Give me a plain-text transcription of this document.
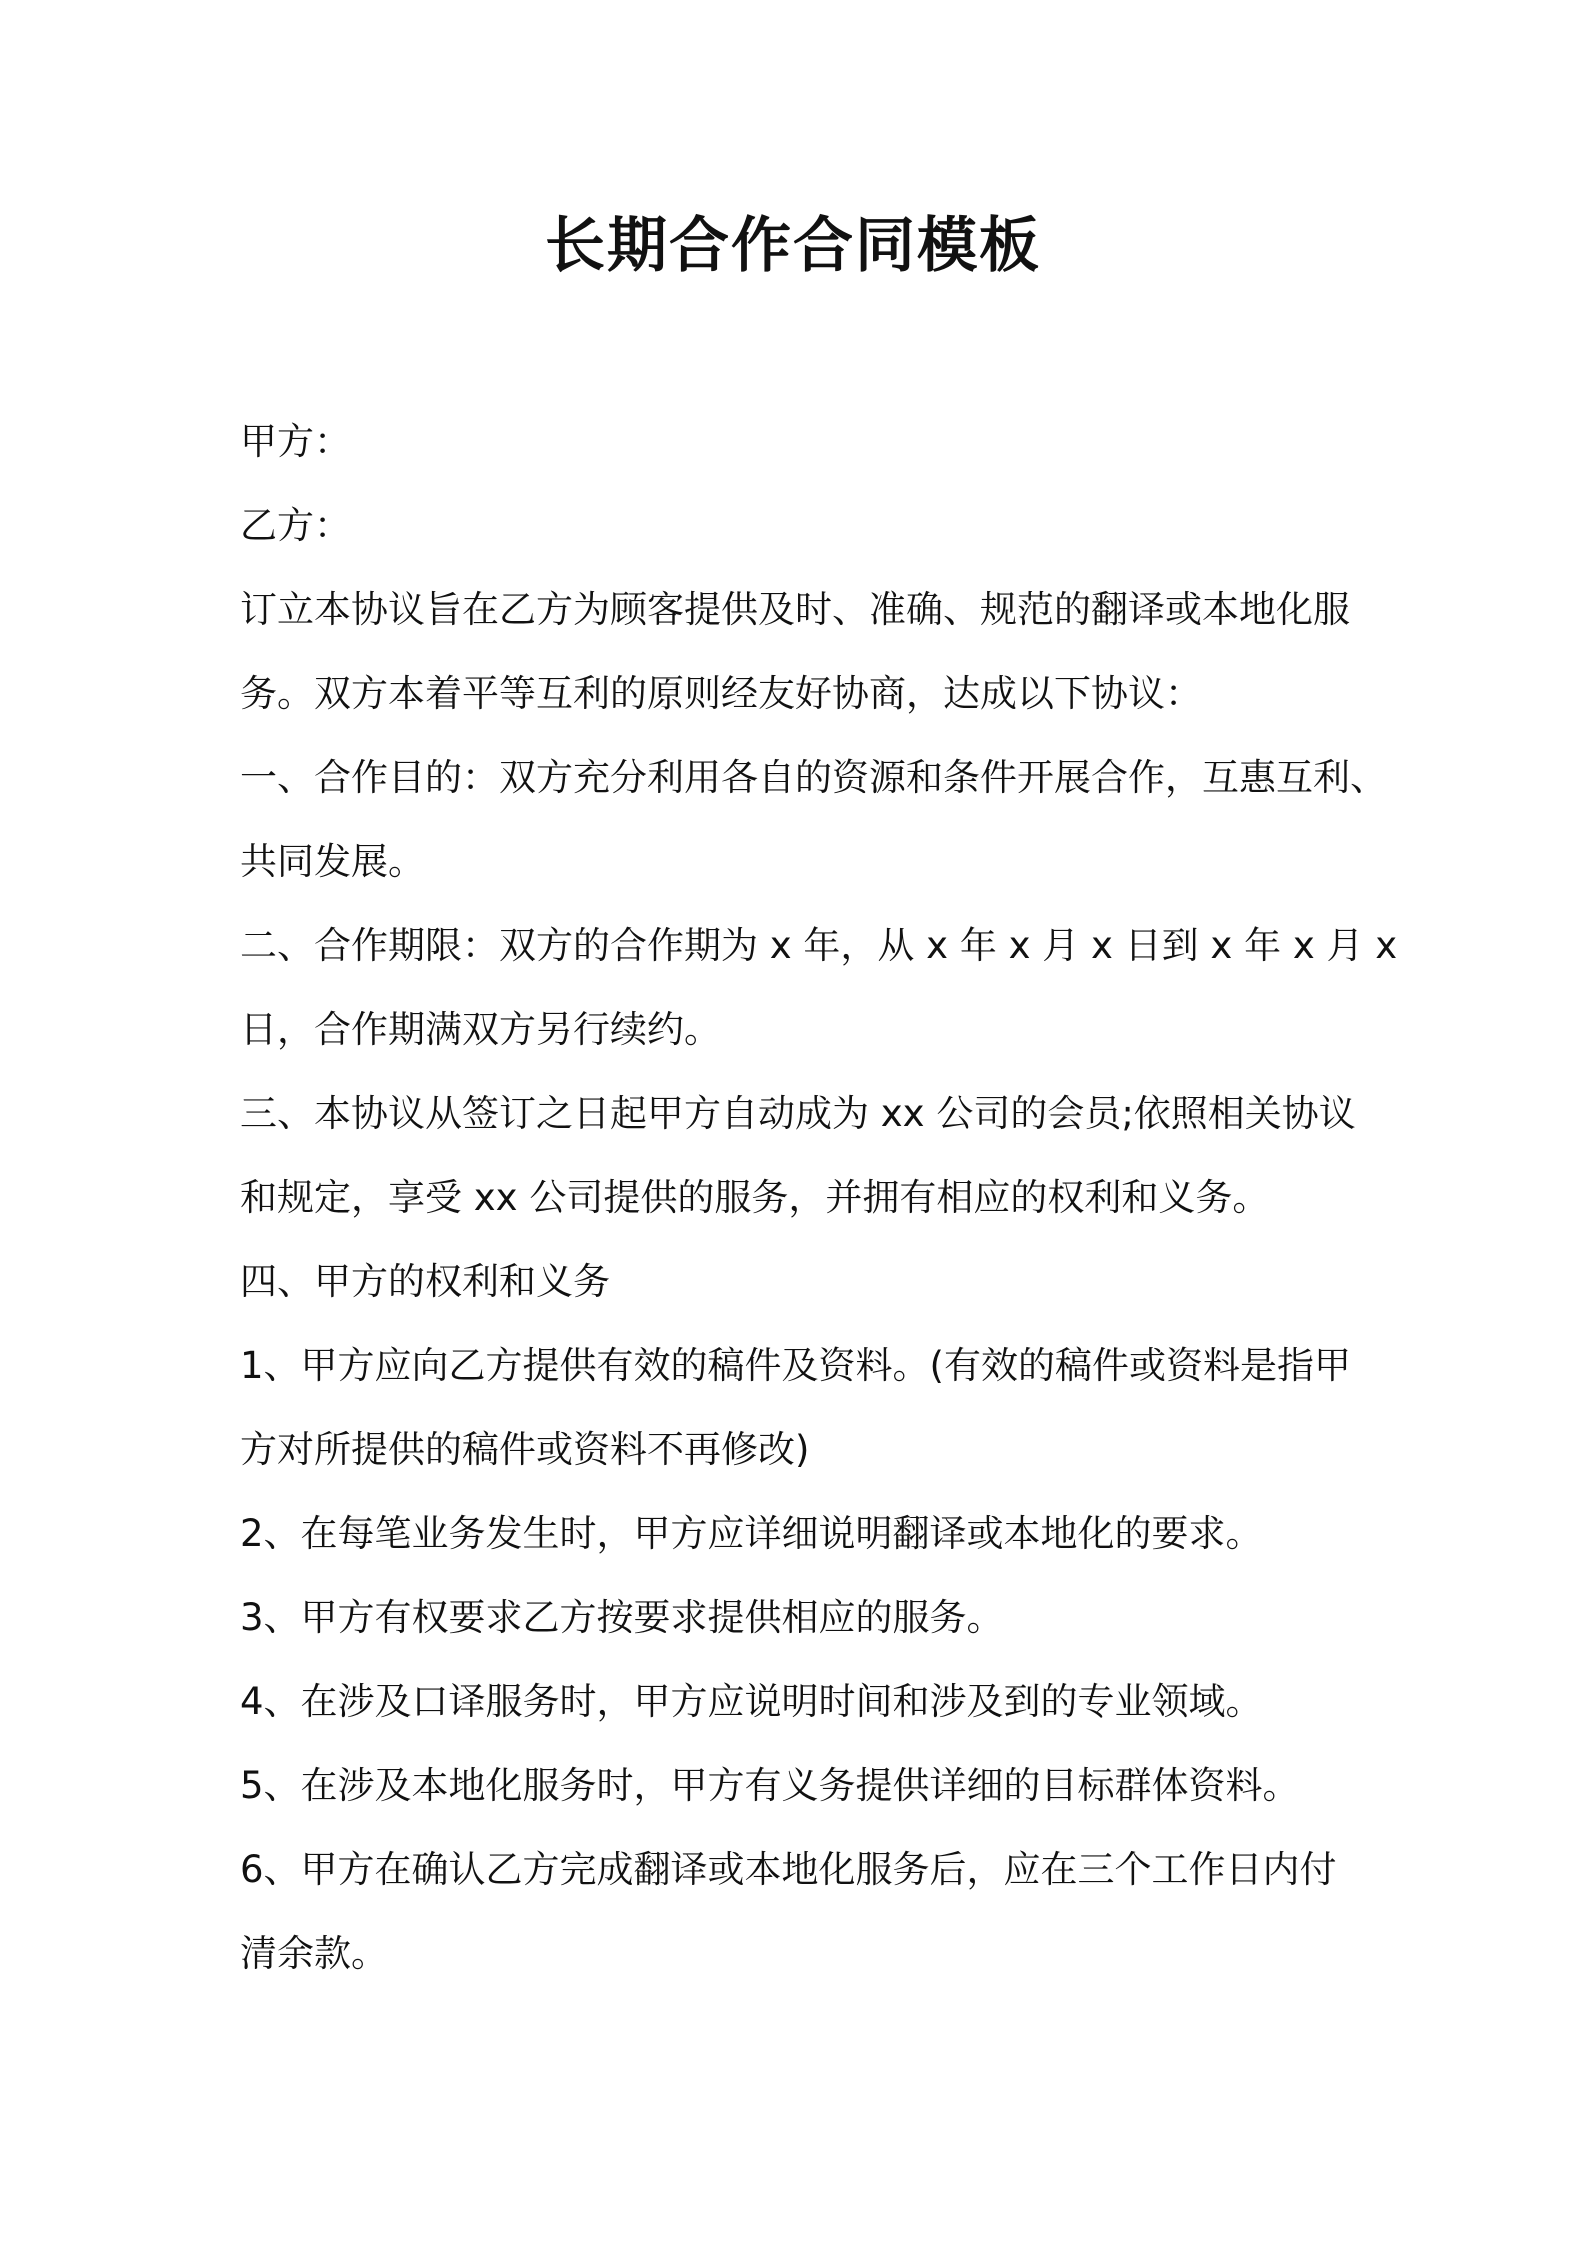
长期合作合同模板
甲方：
乙方：
订立本协议旨在乙方为顾客提供及时、准确、规范的翻译或本地化服
务。双方本着平等互利的原则经友好协商，达成以下协议：
一、合作目的：双方充分利用各自的资源和条件开展合作，互惠互利、
共同发展。
二、合作期限：双方的合作期为 x 年，从 x 年 x 月 x 日到 x 年 x 月 x
日，合作期满双方另行续约。
三、本协议从签订之日起甲方自动成为 xx 公司的会员;依照相关协议
和规定，享受 xx 公司提供的服务，并拥有相应的权利和义务。
四、甲方的权利和义务
1、甲方应向乙方提供有效的稿件及资料。(有效的稿件或资料是指甲
方对所提供的稿件或资料不再修改)
2、在每笔业务发生时，甲方应详细说明翻译或本地化的要求。
3、甲方有权要求乙方按要求提供相应的服务。
4、在涉及口译服务时，甲方应说明时间和涉及到的专业领域。
5、在涉及本地化服务时，甲方有义务提供详细的目标群体资料。
6、甲方在确认乙方完成翻译或本地化服务后，应在三个工作日内付
清余款。
